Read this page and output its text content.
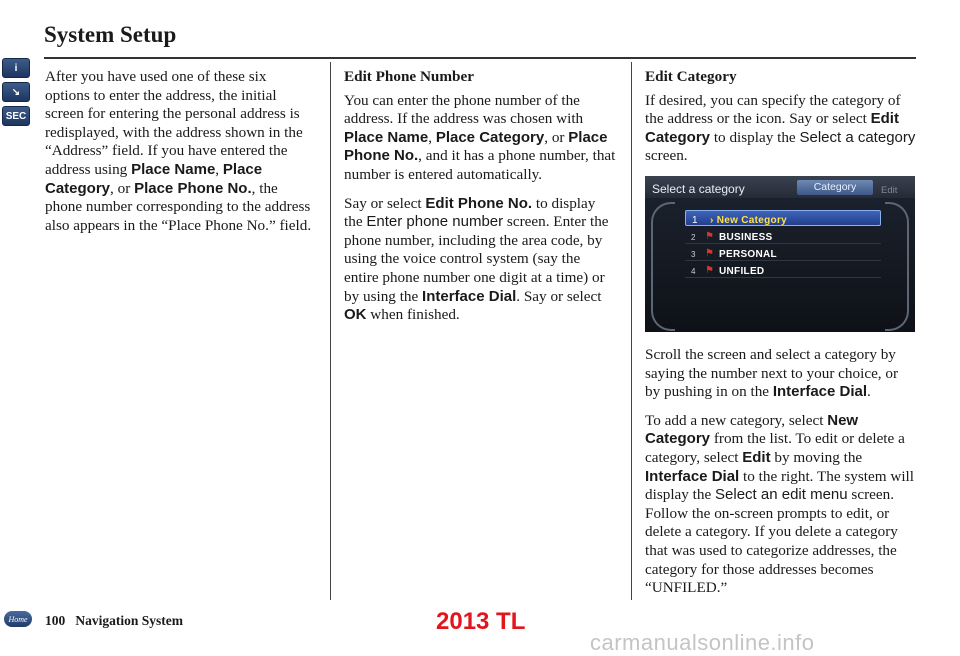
System Setup
i
↘
SEC

After you have used one of these six options to enter the address, the initial screen for entering the personal address is redisplayed, with the address shown in the “Address” field. If you have entered the address using Place Name, Place Category, or Place Phone No., the phone number corresponding to the address also appears in the “Place Phone No.” field.

Edit Phone Number

You can enter the phone number of the address. If the address was chosen with Place Name, Place Category, or Place Phone No., and it has a phone number, that number is entered automatically.

Say or select Edit Phone No. to display the Enter phone number screen. Enter the phone number, including the area code, by using the voice control system (say the entire phone number one digit at a time) or by using the Interface Dial. Say or select OK when finished.

Edit Category

If desired, you can specify the category of the address or the icon. Say or select Edit Category to display the Select a category screen.

Select a category	Category	Edit
1 › New Category
2 ⚑ BUSINESS
3 ⚑ PERSONAL
4 ⚑ UNFILED

Scroll the screen and select a category by saying the number next to your choice, or by pushing in on the Interface Dial.

To add a new category, select New Category from the list. To edit or delete a category, select Edit by moving the Interface Dial to the right. The system will display the Select an edit menu screen. Follow the on-screen prompts to edit, or delete a category. If you delete a category that was used to categorize addresses, the category for those addresses becomes “UNFILED.”

Home	100 Navigation System	2013 TL
carmanualsonline.info
